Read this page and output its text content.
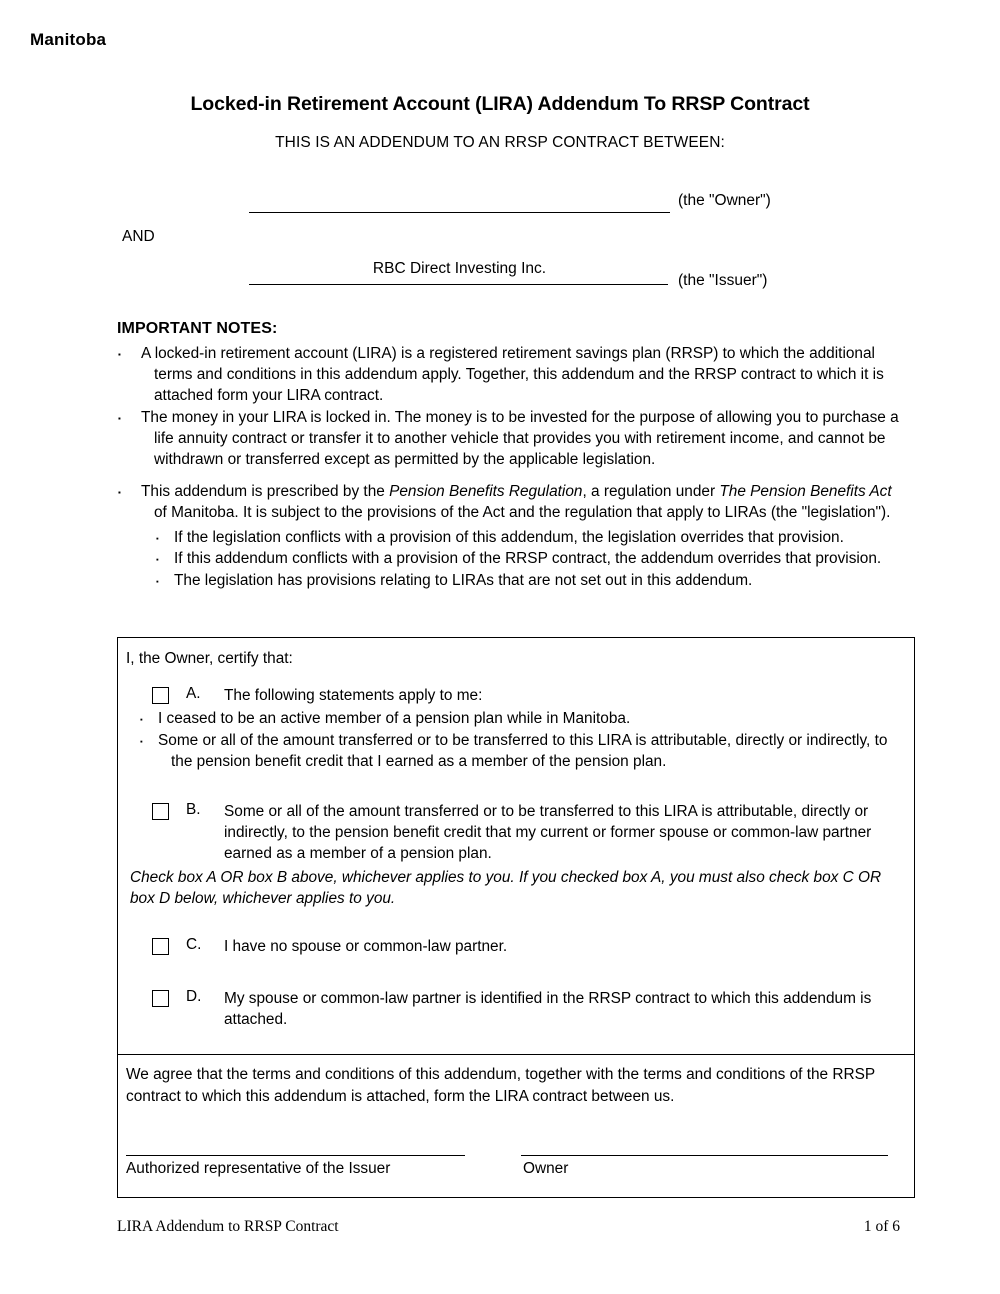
Manitoba
Locked-in Retirement Account (LIRA) Addendum To RRSP Contract
THIS IS AN ADDENDUM TO AN RRSP CONTRACT BETWEEN:
(the "Owner")
AND
RBC Direct Investing Inc.
(the "Issuer")
IMPORTANT NOTES:
▪ A locked-in retirement account (LIRA) is a registered retirement savings plan (RRSP) to which the additional terms and conditions in this addendum apply. Together, this addendum and the RRSP contract to which it is attached form your LIRA contract.
▪ The money in your LIRA is locked in. The money is to be invested for the purpose of allowing you to purchase a life annuity contract or transfer it to another vehicle that provides you with retirement income, and cannot be withdrawn or transferred except as permitted by the applicable legislation.
▪ This addendum is prescribed by the Pension Benefits Regulation, a regulation under The Pension Benefits Act of Manitoba. It is subject to the provisions of the Act and the regulation that apply to LIRAs (the "legislation").
▪ If the legislation conflicts with a provision of this addendum, the legislation overrides that provision.
▪ If this addendum conflicts with a provision of the RRSP contract, the addendum overrides that provision.
▪ The legislation has provisions relating to LIRAs that are not set out in this addendum.
I, the Owner, certify that:
A. The following statements apply to me:
▪ I ceased to be an active member of a pension plan while in Manitoba.
▪ Some or all of the amount transferred or to be transferred to this LIRA is attributable, directly or indirectly, to the pension benefit credit that I earned as a member of the pension plan.
B. Some or all of the amount transferred or to be transferred to this LIRA is attributable, directly or indirectly, to the pension benefit credit that my current or former spouse or common-law partner earned as a member of a pension plan.
Check box A OR box B above, whichever applies to you. If you checked box A, you must also check box C OR box D below, whichever applies to you.
C. I have no spouse or common-law partner.
D. My spouse or common-law partner is identified in the RRSP contract to which this addendum is attached.
We agree that the terms and conditions of this addendum, together with the terms and conditions of the RRSP contract to which this addendum is attached, form the LIRA contract between us.
Authorized representative of the Issuer	Owner
LIRA Addendum to RRSP Contract	1 of 6
